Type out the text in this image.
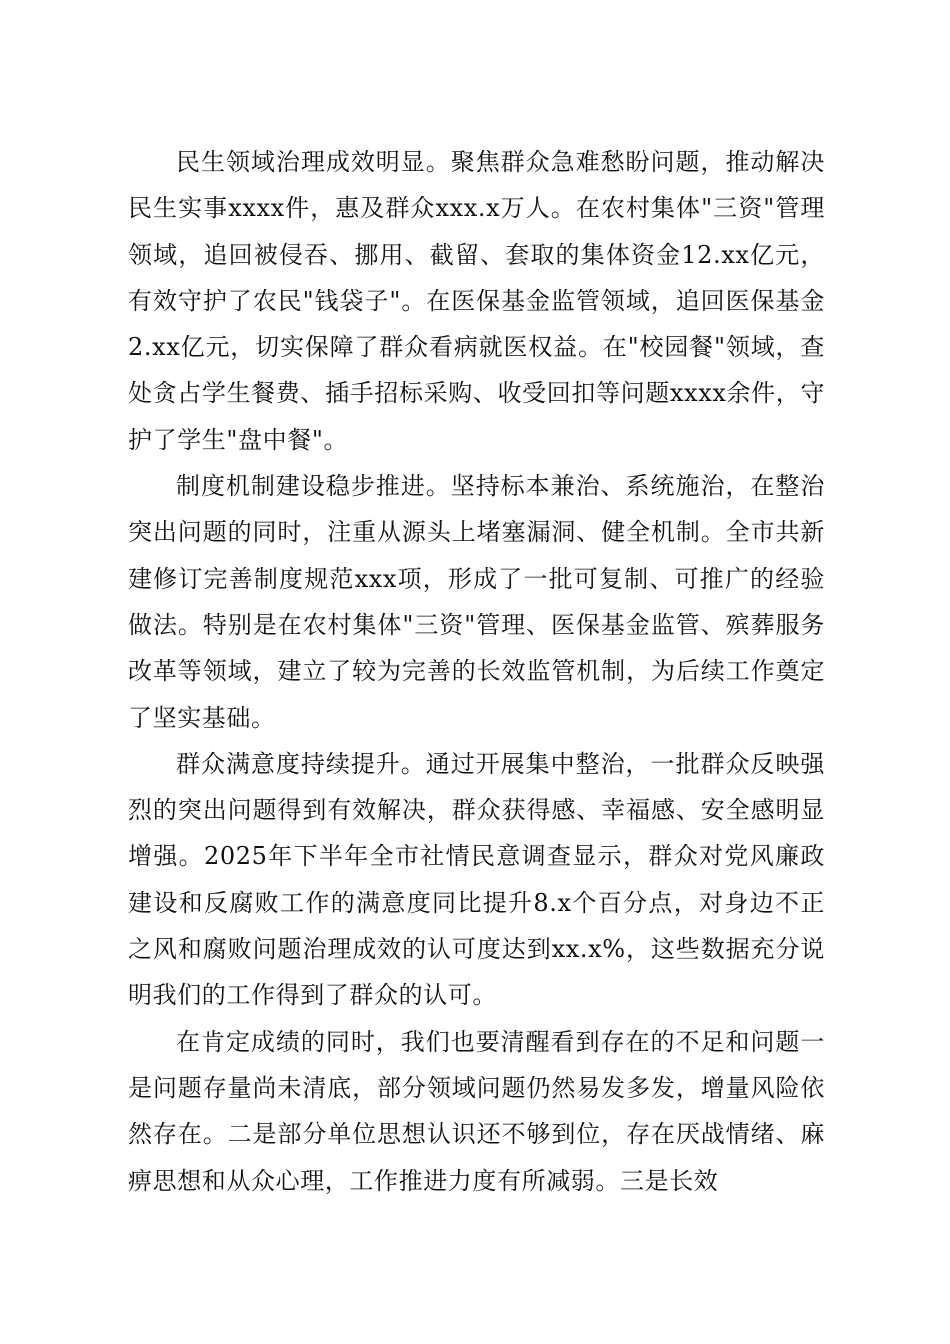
民生领域治理成效明显。聚焦群众急难愁盼问题，推动解决民生实事xxxx件，惠及群众xxx.x万人。在农村集体"三资"管理领域，追回被侵吞、挪用、截留、套取的集体资金12.xx亿元，有效守护了农民"钱袋子"。在医保基金监管领域，追回医保基金2.xx亿元，切实保障了群众看病就医权益。在"校园餐"领域，查处贪占学生餐费、插手招标采购、收受回扣等问题xxxx余件，守护了学生"盘中餐"。

制度机制建设稳步推进。坚持标本兼治、系统施治，在整治突出问题的同时，注重从源头上堵塞漏洞、健全机制。全市共新建修订完善制度规范xxx项，形成了一批可复制、可推广的经验做法。特别是在农村集体"三资"管理、医保基金监管、殡葬服务改革等领域，建立了较为完善的长效监管机制，为后续工作奠定了坚实基础。

群众满意度持续提升。通过开展集中整治，一批群众反映强烈的突出问题得到有效解决，群众获得感、幸福感、安全感明显增强。2025年下半年全市社情民意调查显示，群众对党风廉政建设和反腐败工作的满意度同比提升8.x个百分点，对身边不正之风和腐败问题治理成效的认可度达到xx.x%，这些数据充分说明我们的工作得到了群众的认可。

在肯定成绩的同时，我们也要清醒看到存在的不足和问题一是问题存量尚未清底，部分领域问题仍然易发多发，增量风险依然存在。二是部分单位思想认识还不够到位，存在厌战情绪、麻痹思想和从众心理，工作推进力度有所减弱。三是长效
